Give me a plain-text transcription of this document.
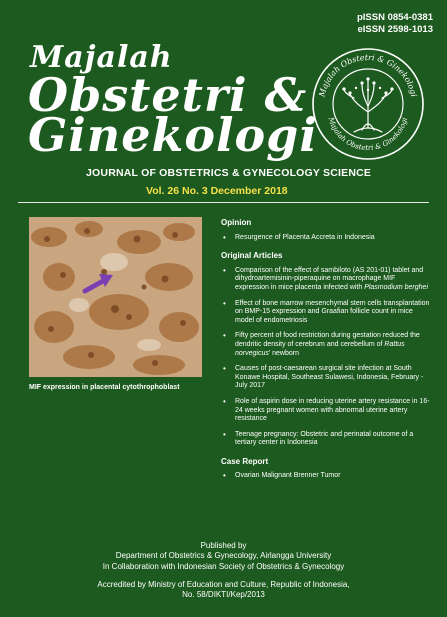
pISSN 0854-0381
eISSN 2598-1013
Majalah
Obstetri &
Ginekologi
Majalah Obstetri & Ginekologi
Majalah Obstetri & Ginekologi
JOURNAL OF OBSTETRICS & GYNECOLOGY SCIENCE
Vol. 26 No. 3 December 2018
MIF expression in placental cytothrophoblast
Opinion
• Resurgence of Placenta Accreta in Indonesia
Original Articles
• Comparison of the effect of sambiloto (AS 201-01) tablet and dihydroartemisinin-piperaquine on macrophage MIF expression in mice placenta infected with Plasmodium berghei
• Effect of bone marrow mesenchymal stem cells transplantation on BMP-15 expression and Graafian follicle count in mice model of endometriosis
• Fifty percent of food restriction during gestation reduced the dendritic density of cerebrum and cerebellum of Rattus norvegicus' newborn
• Causes of post-caesarean surgical site infection at South Konawe Hospital, Southeast Sulawesi, Indonesia, February - July 2017
• Role of aspirin dose in reducing uterine artery resistance in 16-24 weeks pregnant women with abnormal uterine artery resistance
• Teenage pregnancy: Obstetric and perinatal outcome of a tertiary center in Indonesia
Case Report
• Ovarian Malignant Brenner Tumor
Published by
Department of Obstetrics & Gynecology, Airlangga University
In Collaboration with Indonesian Society of Obstetrics & Gynecology
Accredited by Ministry of Education and Culture, Republic of Indonesia,
No. 58/DIKTI/Kep/2013
